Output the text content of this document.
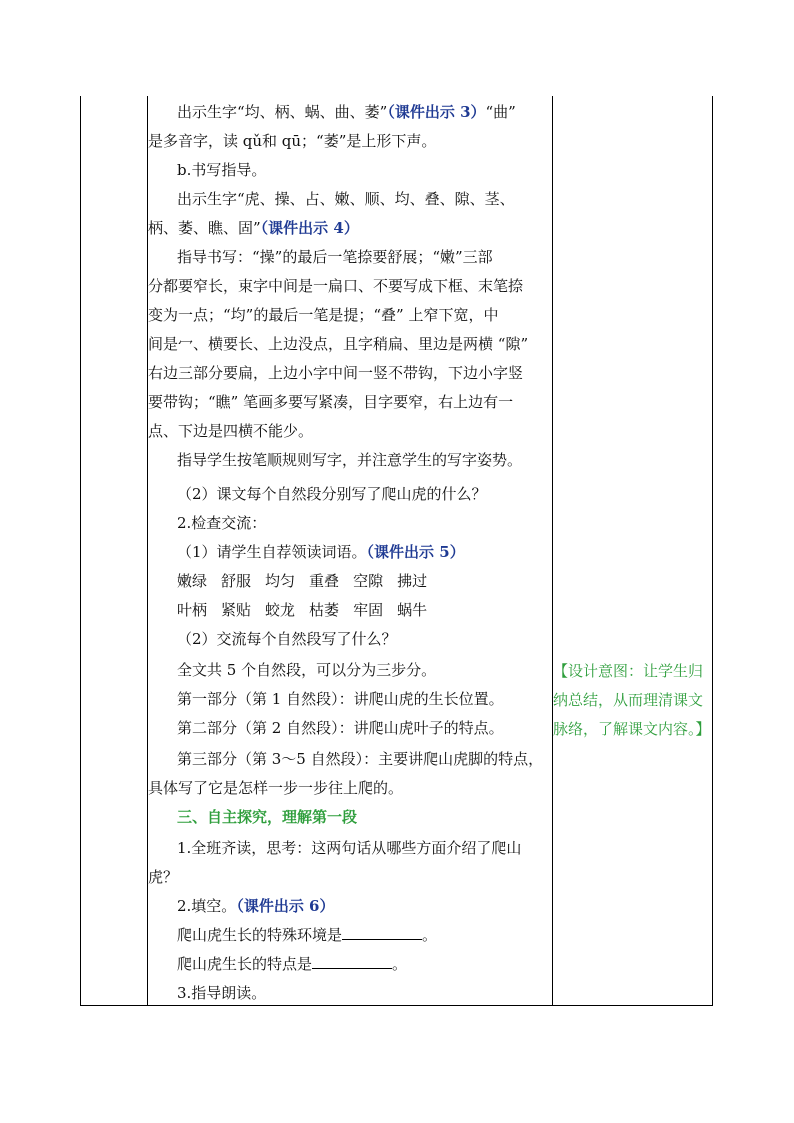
出示生字“均、柄、蜗、曲、萎”（课件出示 3）“曲”
是多音字，读 qǔ和 qū；“萎”是上形下声。
b.书写指导。
出示生字“虎、操、占、嫩、顺、均、叠、隙、茎、
柄、萎、瞧、固”（课件出示 4）
指导书写：“操”的最后一笔捺要舒展；“嫩”三部
分都要窄长，束字中间是一扁口、不要写成下框、末笔捺
变为一点；“均”的最后一笔是提；“叠” 上窄下宽，中
间是冖、横要长、上边没点，且字稍扁、里边是两横 “隙”
右边三部分要扁，上边小字中间一竖不带钩，下边小字竖
要带钩；“瞧” 笔画多要写紧凑，目字要窄，右上边有一
点、下边是四横不能少。
指导学生按笔顺规则写字，并注意学生的写字姿势。
（2）课文每个自然段分别写了爬山虎的什么？
2.检查交流：
（1）请学生自荐领读词语。（课件出示 5）
嫩绿 舒服 均匀 重叠 空隙 拂过
叶柄 紧贴 蛟龙 枯萎 牢固 蜗牛
（2）交流每个自然段写了什么？
全文共 5 个自然段，可以分为三步分。
第一部分（第 1 自然段）：讲爬山虎的生长位置。
第二部分（第 2 自然段）：讲爬山虎叶子的特点。
第三部分（第 3～5 自然段）：主要讲爬山虎脚的特点，
具体写了它是怎样一步一步往上爬的。
三、自主探究，理解第一段
1.全班齐读，思考：这两句话从哪些方面介绍了爬山
虎？
2.填空。（课件出示 6）
爬山虎生长的特殊环境是	。
爬山虎生长的特点是	。
3.指导朗读。
【设计意图：让学生归
纳总结，从而理清课文
脉络，了解课文内容。】
